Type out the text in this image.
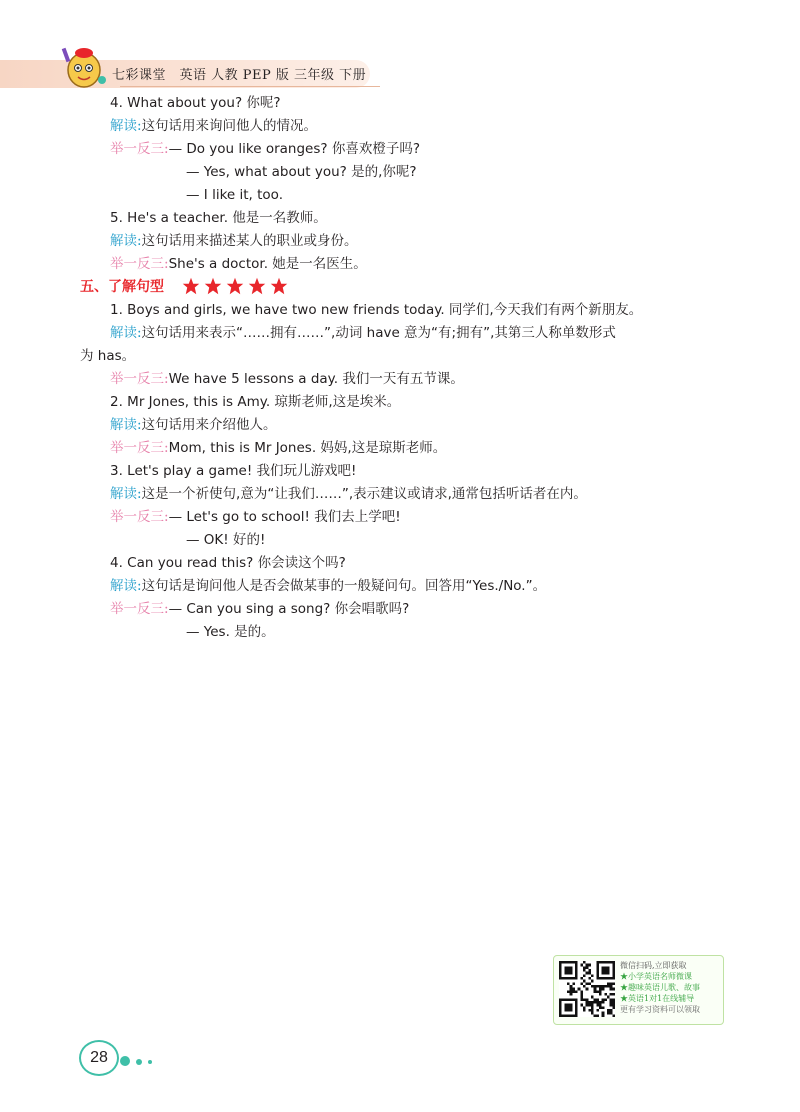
七彩课堂　英语 人教 PEP 版 三年级 下册
五、了解句型
4. What about you? 你呢?
解读:这句话用来询问他人的情况。
举一反三:— Do you like oranges? 你喜欢橙子吗?
— Yes, what about you? 是的,你呢?
— I like it, too.
5. He's a teacher. 他是一名教师。
解读:这句话用来描述某人的职业或身份。
举一反三:She's a doctor. 她是一名医生。
1. Boys and girls, we have two new friends today. 同学们,今天我们有两个新朋友。
解读:这句话用来表示“……拥有……”,动词 have 意为“有;拥有”,其第三人称单数形式
为 has。
举一反三:We have 5 lessons a day. 我们一天有五节课。
2. Mr Jones, this is Amy. 琼斯老师,这是埃米。
解读:这句话用来介绍他人。
举一反三:Mom, this is Mr Jones. 妈妈,这是琼斯老师。
3. Let's play a game! 我们玩儿游戏吧!
解读:这是一个祈使句,意为“让我们……”,表示建议或请求,通常包括听话者在内。
举一反三:— Let's go to school! 我们去上学吧!
— OK! 好的!
4. Can you read this? 你会读这个吗?
解读:这句话是询问他人是否会做某事的一般疑问句。回答用“Yes./No.”。
举一反三:— Can you sing a song? 你会唱歌吗?
— Yes. 是的。
微信扫码,立即获取
★小学英语名师微课
★趣味英语儿歌、故事
★英语1对1在线辅导
更有学习资料可以领取
28
